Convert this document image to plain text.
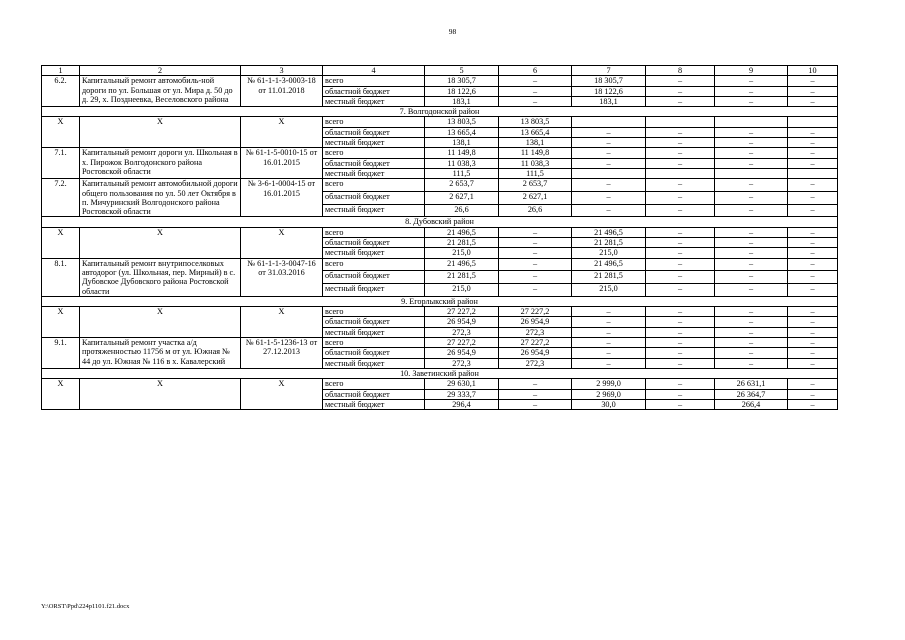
98
1	2	3	4	5	6	7	8	9	10
6.2.	Капитальный ремонт автомобиль-ной дороги по ул. Большая от ул. Мира д. 50 до д. 29, х. Позднеевка, Веселовского района	№ 61-1-1-3-0003-18 от 11.01.2018	всего	18 305,7	–	18 305,7	–	–	–
			областной бюджет	18 122,6	–	18 122,6	–	–	–
			местный бюджет	183,1	–	183,1	–	–	–
7. Волгодонской район									
Х	Х	Х	всего	13 803,5	13 803,5				
			областной бюджет	13 665,4	13 665,4	–	–	–	–
			местный бюджет	138,1	138,1	–	–	–	–
7.1.	Капитальный ремонт дороги ул. Школьная в х. Пирожок Волгодонского района Ростовской области	№ 61-1-5-0010-15 от 16.01.2015	всего	11 149,8	11 149,8	–	–	–	–
			областной бюджет	11 038,3	11 038,3	–	–	–	–
			местный бюджет	111,5	111,5				
7.2.	Капитальный ремонт автомобильной дороги общего пользования по ул. 50 лет Октября в п. Мичуринский Волгодонского района Ростовской области	№ 3-6-1-0004-15 от 16.01.2015	всего	2 653,7	2 653,7	–	–	–	–
			областной бюджет	2 627,1	2 627,1	–	–	–	–
			местный бюджет	26,6	26,6	–	–	–	–
8. Дубовский район									
Х	Х	Х	всего	21 496,5	–	21 496,5	–	–	–
			областной бюджет	21 281,5	–	21 281,5	–	–	–
			местный бюджет	215,0	–	215,0	–	–	–
8.1.	Капитальный ремонт внутрипоселковых автодорог (ул. Школьная, пер. Мирный) в с. Дубовское Дубовского района Ростовской области	№ 61-1-1-3-0047-16 от 31.03.2016	всего	21 496,5	–	21 496,5	–	–	–
			областной бюджет	21 281,5	–	21 281,5	–	–	–
			местный бюджет	215,0	–	215,0	–	–	–
9. Егорлыкский район									
Х	Х	Х	всего	27 227,2	27 227,2	–	–	–	–
			областной бюджет	26 954,9	26 954,9	–	–	–	–
			местный бюджет	272,3	272,3	–	–	–	–
9.1.	Капитальный ремонт участка а/д протяженностью 11756 м от ул. Южная № 44 до ул. Южная № 116 в х. Кавалерский	№ 61-1-5-1236-13 от 27.12.2013	всего	27 227,2	27 227,2	–	–	–	–
			областной бюджет	26 954,9	26 954,9	–	–	–	–
			местный бюджет	272,3	272,3	–	–	–	–
10. Заветинский район									
Х	Х	Х	всего	29 630,1	–	2 999,0	–	26 631,1	–
			областной бюджет	29 333,7	–	2 969,0	–	26 364,7	–
			местный бюджет	296,4	–	30,0	–	266,4	–
Y:\ORST\Ppd\224p1101.f21.docx
